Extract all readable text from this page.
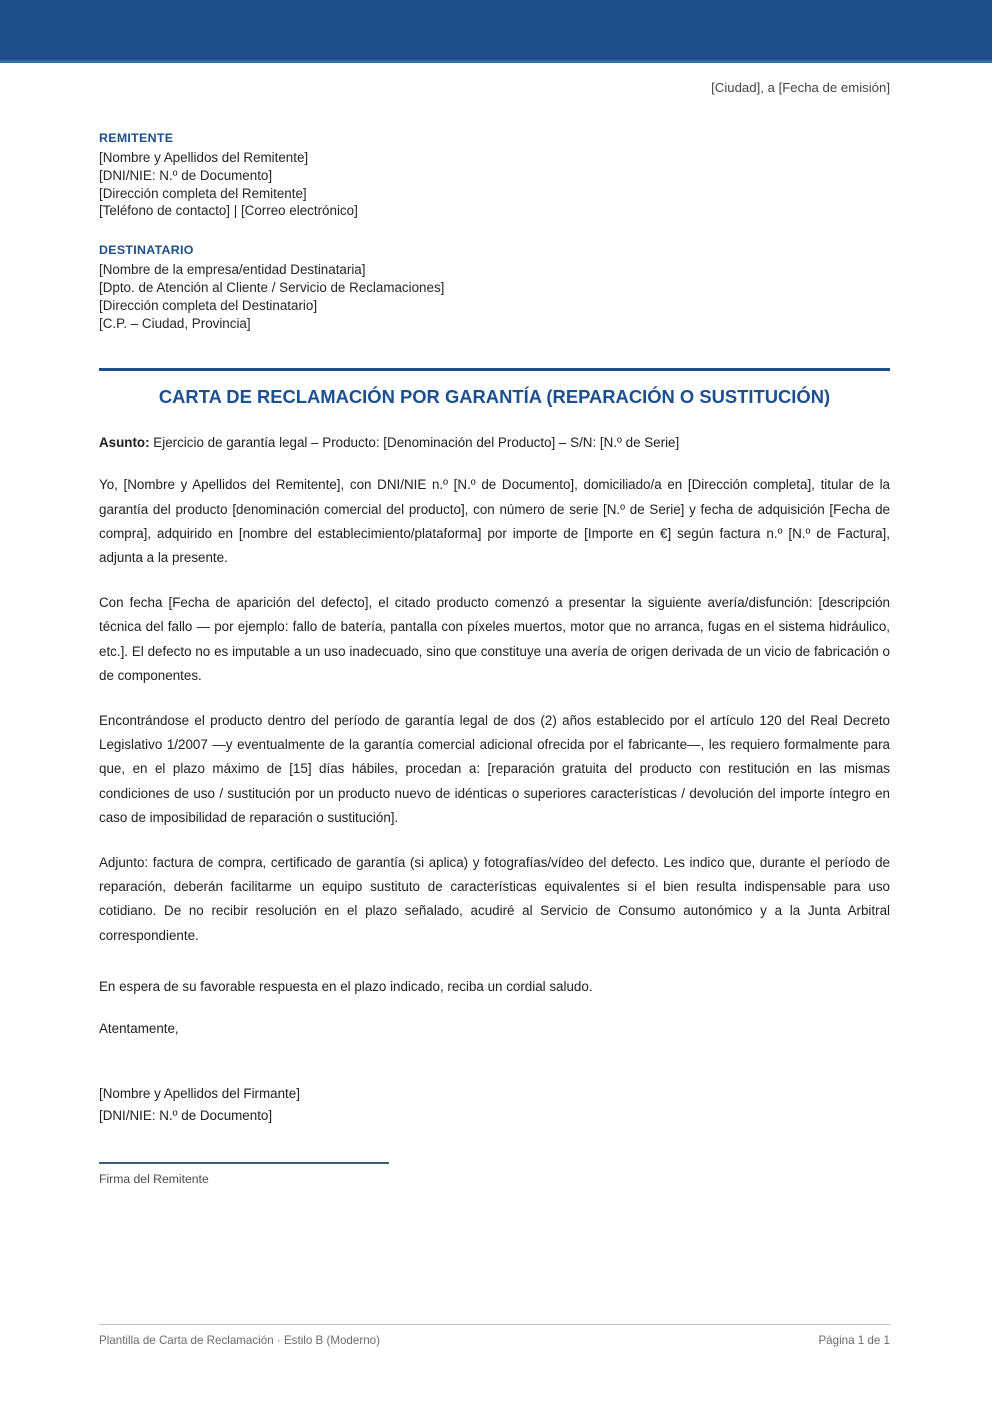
[Ciudad], a [Fecha de emisión]
REMITENTE
[Nombre y Apellidos del Remitente]
[DNI/NIE: N.º de Documento]
[Dirección completa del Remitente]
[Teléfono de contacto] | [Correo electrónico]
DESTINATARIO
[Nombre de la empresa/entidad Destinataria]
[Dpto. de Atención al Cliente / Servicio de Reclamaciones]
[Dirección completa del Destinatario]
[C.P. – Ciudad, Provincia]
CARTA DE RECLAMACIÓN POR GARANTÍA (REPARACIÓN O SUSTITUCIÓN)
Asunto: Ejercicio de garantía legal – Producto: [Denominación del Producto] – S/N: [N.º de Serie]

Yo, [Nombre y Apellidos del Remitente], con DNI/NIE n.º [N.º de Documento], domiciliado/a en [Dirección completa], titular de la garantía del producto [denominación comercial del producto], con número de serie [N.º de Serie] y fecha de adquisición [Fecha de compra], adquirido en [nombre del establecimiento/plataforma] por importe de [Importe en €] según factura n.º [N.º de Factura], adjunta a la presente.

Con fecha [Fecha de aparición del defecto], el citado producto comenzó a presentar la siguiente avería/disfunción: [descripción técnica del fallo — por ejemplo: fallo de batería, pantalla con píxeles muertos, motor que no arranca, fugas en el sistema hidráulico, etc.]. El defecto no es imputable a un uso inadecuado, sino que constituye una avería de origen derivada de un vicio de fabricación o de componentes.

Encontrándose el producto dentro del período de garantía legal de dos (2) años establecido por el artículo 120 del Real Decreto Legislativo 1/2007 —y eventualmente de la garantía comercial adicional ofrecida por el fabricante—, les requiero formalmente para que, en el plazo máximo de [15] días hábiles, procedan a: [reparación gratuita del producto con restitución en las mismas condiciones de uso / sustitución por un producto nuevo de idénticas o superiores características / devolución del importe íntegro en caso de imposibilidad de reparación o sustitución].

Adjunto: factura de compra, certificado de garantía (si aplica) y fotografías/vídeo del defecto. Les indico que, durante el período de reparación, deberán facilitarme un equipo sustituto de características equivalentes si el bien resulta indispensable para uso cotidiano. De no recibir resolución en el plazo señalado, acudiré al Servicio de Consumo autonómico y a la Junta Arbitral correspondiente.

En espera de su favorable respuesta en el plazo indicado, reciba un cordial saludo.
Atentamente,
[Nombre y Apellidos del Firmante]
[DNI/NIE: N.º de Documento]
Firma del Remitente
Plantilla de Carta de Reclamación · Estilo B (Moderno)	Página 1 de 1
